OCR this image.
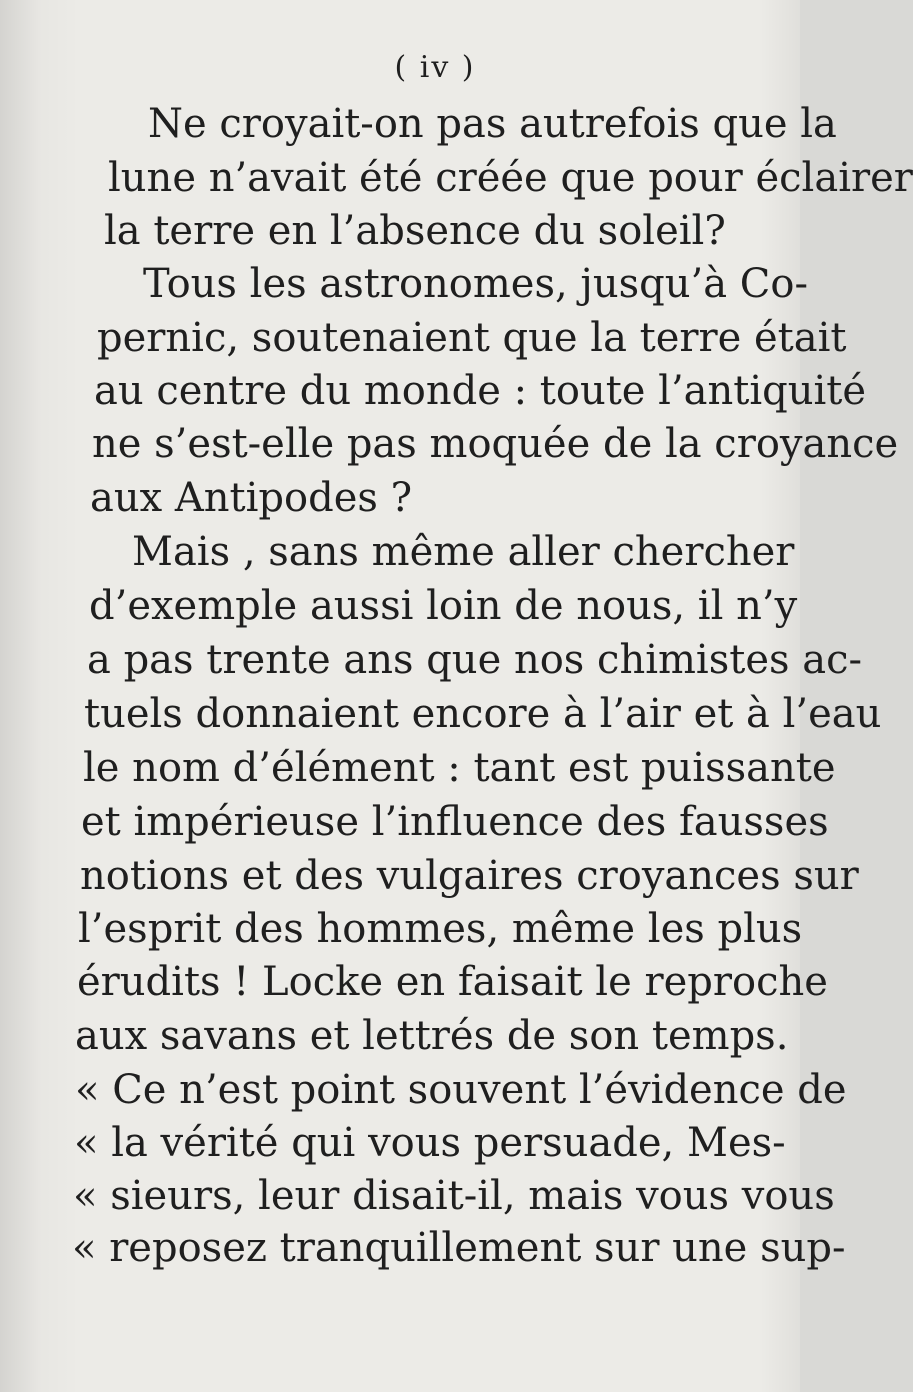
( iv )
Ne croyait-on pas autrefois que la
lune n’avait été créée que pour éclairer
la terre en l’absence du soleil?
Tous les astronomes, jusqu’à Co-
pernic, soutenaient que la terre était
au centre du monde : toute l’antiquité
ne s’est-elle pas moquée de la croyance
aux Antipodes ?
Mais , sans même aller chercher
d’exemple aussi loin de nous, il n’y
a pas trente ans que nos chimistes ac-
tuels donnaient encore à l’air et à l’eau
le nom d’élément : tant est puissante
et impérieuse l’influence des fausses
notions et des vulgaires croyances sur
l’esprit des hommes, même les plus
érudits ! Locke en faisait le reproche
aux savans et lettrés de son temps.
« Ce n’est point souvent l’évidence de
« la vérité qui vous persuade, Mes-
« sieurs, leur disait-il, mais vous vous
« reposez tranquillement sur une sup-
